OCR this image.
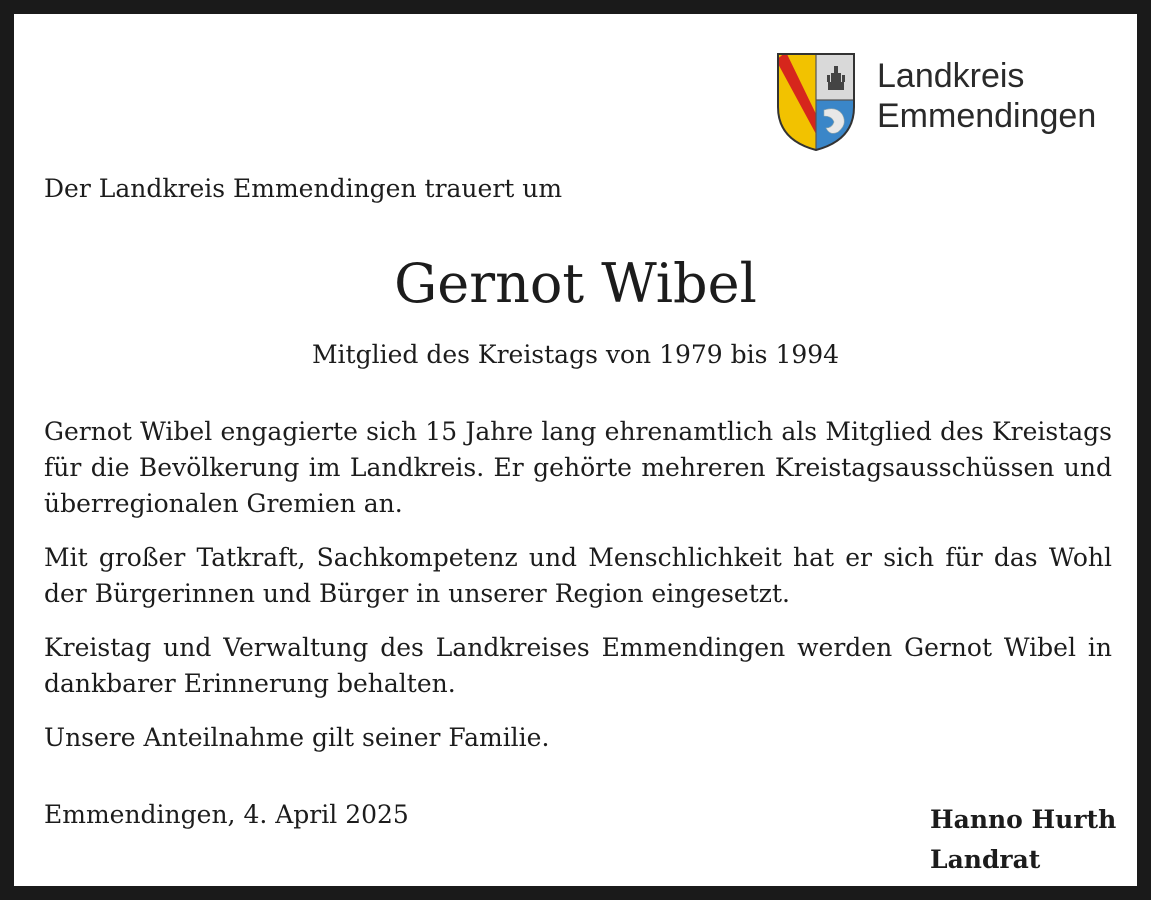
Landkreis
Emmendingen
Der Landkreis Emmendingen trauert um
Gernot Wibel
Mitglied des Kreistags von 1979 bis 1994

Gernot Wibel engagierte sich 15 Jahre lang ehrenamtlich als Mitglied des Kreistags für die Bevölkerung im Landkreis. Er gehörte mehreren Kreistagsausschüssen und überregionalen Gremien an.

Mit großer Tatkraft, Sachkompetenz und Menschlichkeit hat er sich für das Wohl der Bürgerinnen und Bürger in unserer Region eingesetzt.

Kreistag und Verwaltung des Landkreises Emmendingen werden Gernot Wibel in dankbarer Erinnerung behalten.

Unsere Anteilnahme gilt seiner Familie.

Emmendingen, 4. April 2025	Hanno Hurth
Landrat
